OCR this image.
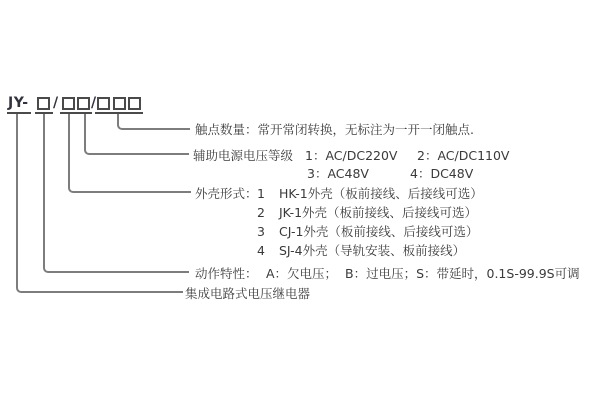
JY- / /
触点数量：常开常闭转换，无标注为一开一闭触点.
辅助电源电压等级 1：AC/DC220V 2：AC/DC110V
3：AC48V	4：DC48V
外壳形式： 1 HK-1外壳（板前接线、后接线可选）
2 JK-1外壳（板前接线、后接线可选）
3 CJ-1外壳（板前接线、后接线可选）
4 SJ-4外壳（导轨安装、板前接线）
动作特性： A：欠电压；  B：过电压；S：带延时，0.1S-99.9S可调
集成电路式电压继电器
